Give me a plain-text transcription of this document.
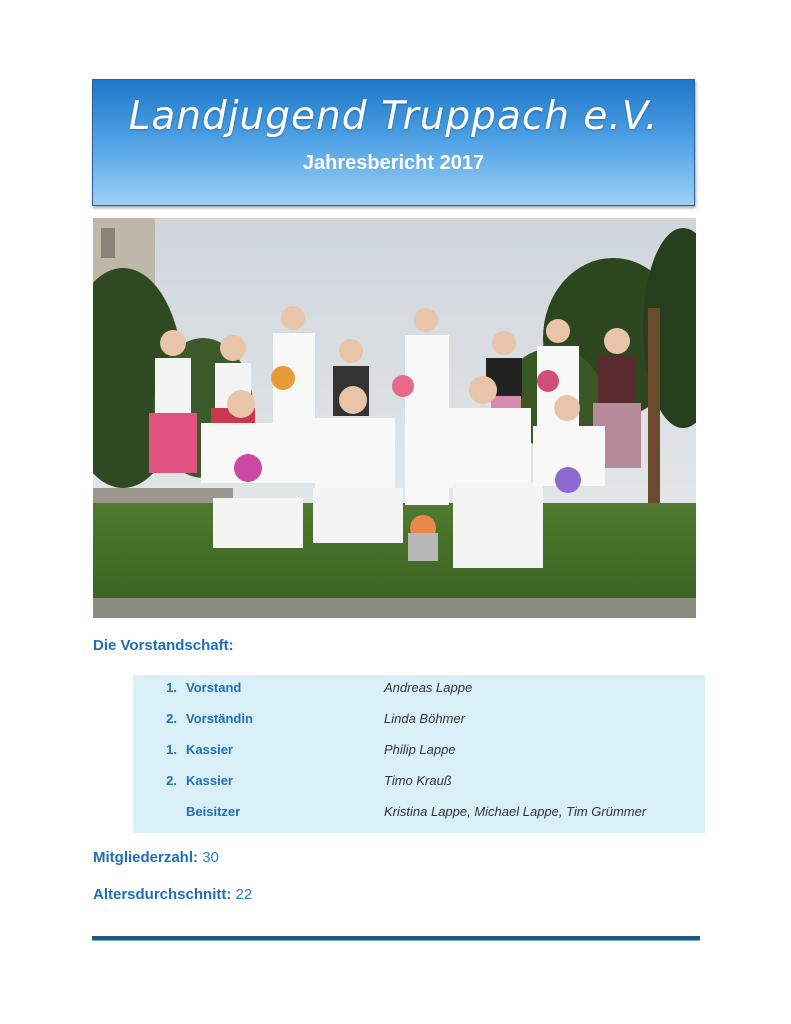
Landjugend Truppach e.V.
Jahresbericht 2017
Die Vorstandschaft:
1. Vorstand	Andreas Lappe
2. Vorständin	Linda Böhmer
1. Kassier	Philip Lappe
2. Kassier	Timo Krauß
Beisitzer	Kristina Lappe, Michael Lappe, Tim Grümmer
Mitgliederzahl: 30
Altersdurchschnitt: 22
